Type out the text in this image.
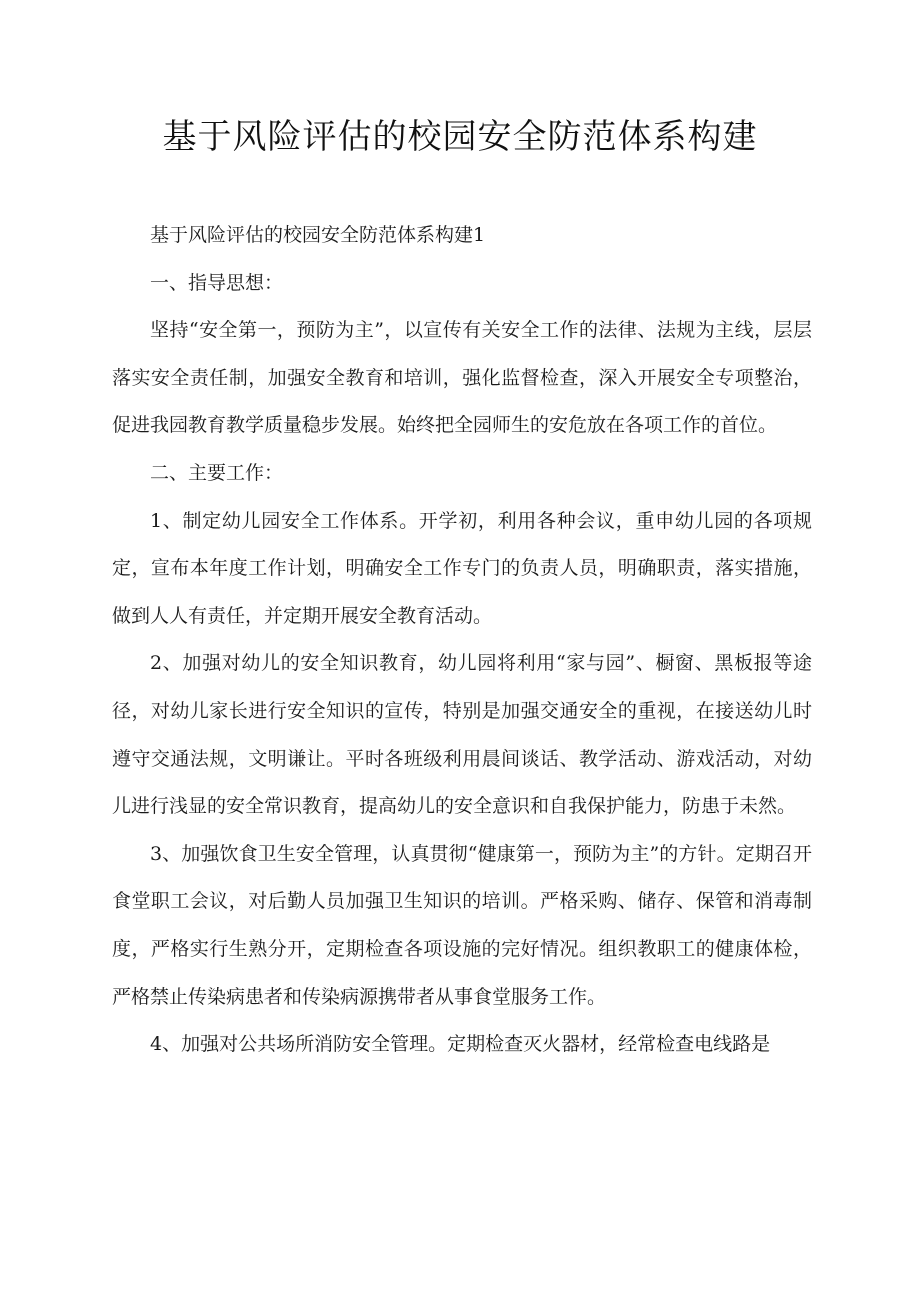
基于风险评估的校园安全防范体系构建

基于风险评估的校园安全防范体系构建1

一、指导思想：

坚持“安全第一，预防为主”，以宣传有关安全工作的法律、法规为主线，层层落实安全责任制，加强安全教育和培训，强化监督检查，深入开展安全专项整治，促进我园教育教学质量稳步发展。始终把全园师生的安危放在各项工作的首位。

二、主要工作：

1、制定幼儿园安全工作体系。开学初，利用各种会议，重申幼儿园的各项规定，宣布本年度工作计划，明确安全工作专门的负责人员，明确职责，落实措施，做到人人有责任，并定期开展安全教育活动。

2、加强对幼儿的安全知识教育，幼儿园将利用“家与园”、橱窗、黑板报等途径，对幼儿家长进行安全知识的宣传，特别是加强交通安全的重视，在接送幼儿时遵守交通法规，文明谦让。平时各班级利用晨间谈话、教学活动、游戏活动，对幼儿进行浅显的安全常识教育，提高幼儿的安全意识和自我保护能力，防患于未然。

3、加强饮食卫生安全管理，认真贯彻“健康第一，预防为主”的方针。定期召开食堂职工会议，对后勤人员加强卫生知识的培训。严格采购、储存、保管和消毒制度，严格实行生熟分开，定期检查各项设施的完好情况。组织教职工的健康体检，严格禁止传染病患者和传染病源携带者从事食堂服务工作。

4、加强对公共场所消防安全管理。定期检查灭火器材，经常检查电线路是
